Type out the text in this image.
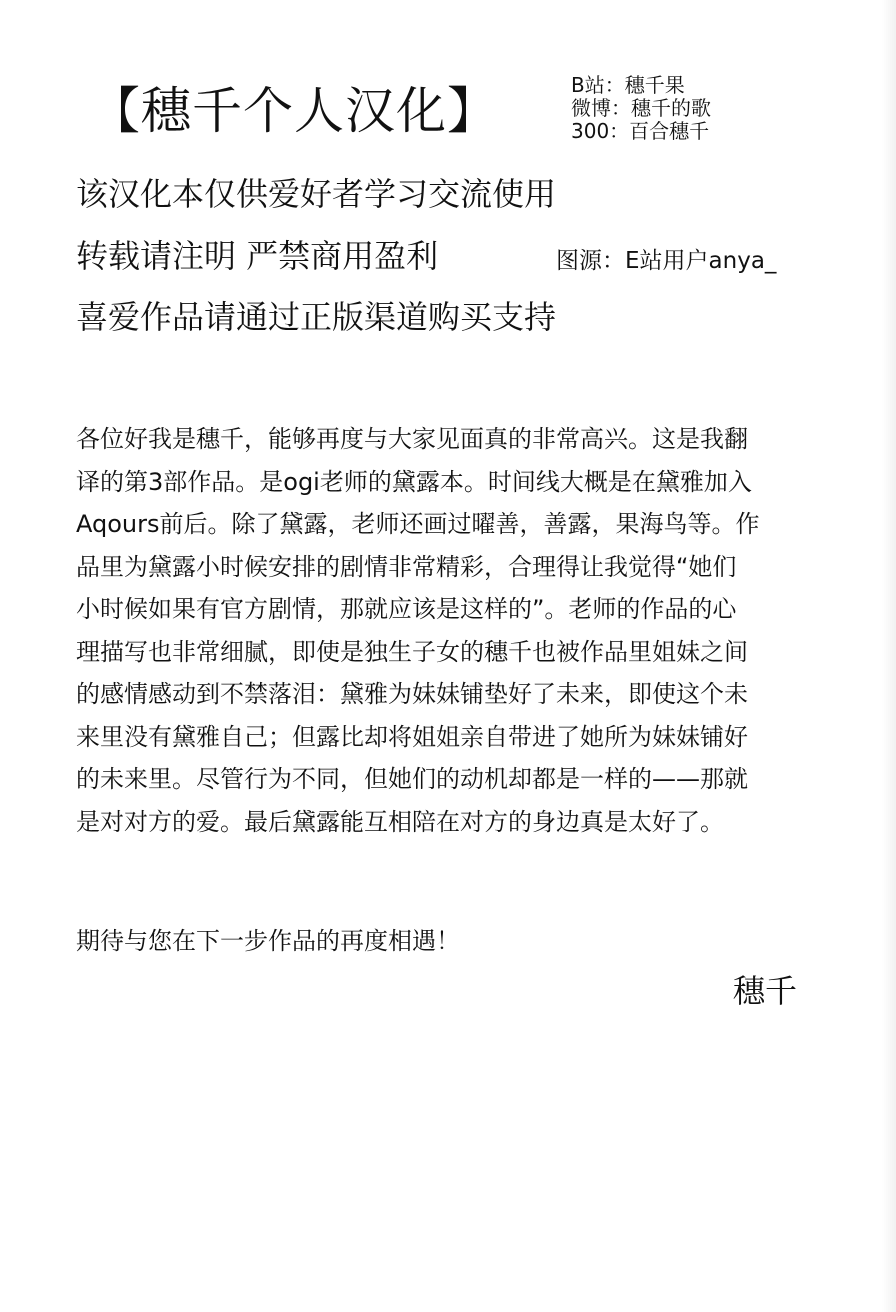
【穗千个人汉化】	B站：穗千果
微博：穗千的歌
300：百合穗千
该汉化本仅供爱好者学习交流使用
转载请注明 严禁商用盈利	图源：E站用户anya_
喜爱作品请通过正版渠道购买支持
各位好我是穗千，能够再度与大家见面真的非常高兴。这是我翻
译的第3部作品。是ogi老师的黛露本。时间线大概是在黛雅加入
Aqours前后。除了黛露，老师还画过曜善，善露，果海鸟等。作
品里为黛露小时候安排的剧情非常精彩，合理得让我觉得“她们
小时候如果有官方剧情，那就应该是这样的”。老师的作品的心
理描写也非常细腻，即使是独生子女的穗千也被作品里姐妹之间
的感情感动到不禁落泪：黛雅为妹妹铺垫好了未来，即使这个未
来里没有黛雅自己；但露比却将姐姐亲自带进了她所为妹妹铺好
的未来里。尽管行为不同，但她们的动机却都是一样的——那就
是对对方的爱。最后黛露能互相陪在对方的身边真是太好了。
期待与您在下一步作品的再度相遇！
穗千
